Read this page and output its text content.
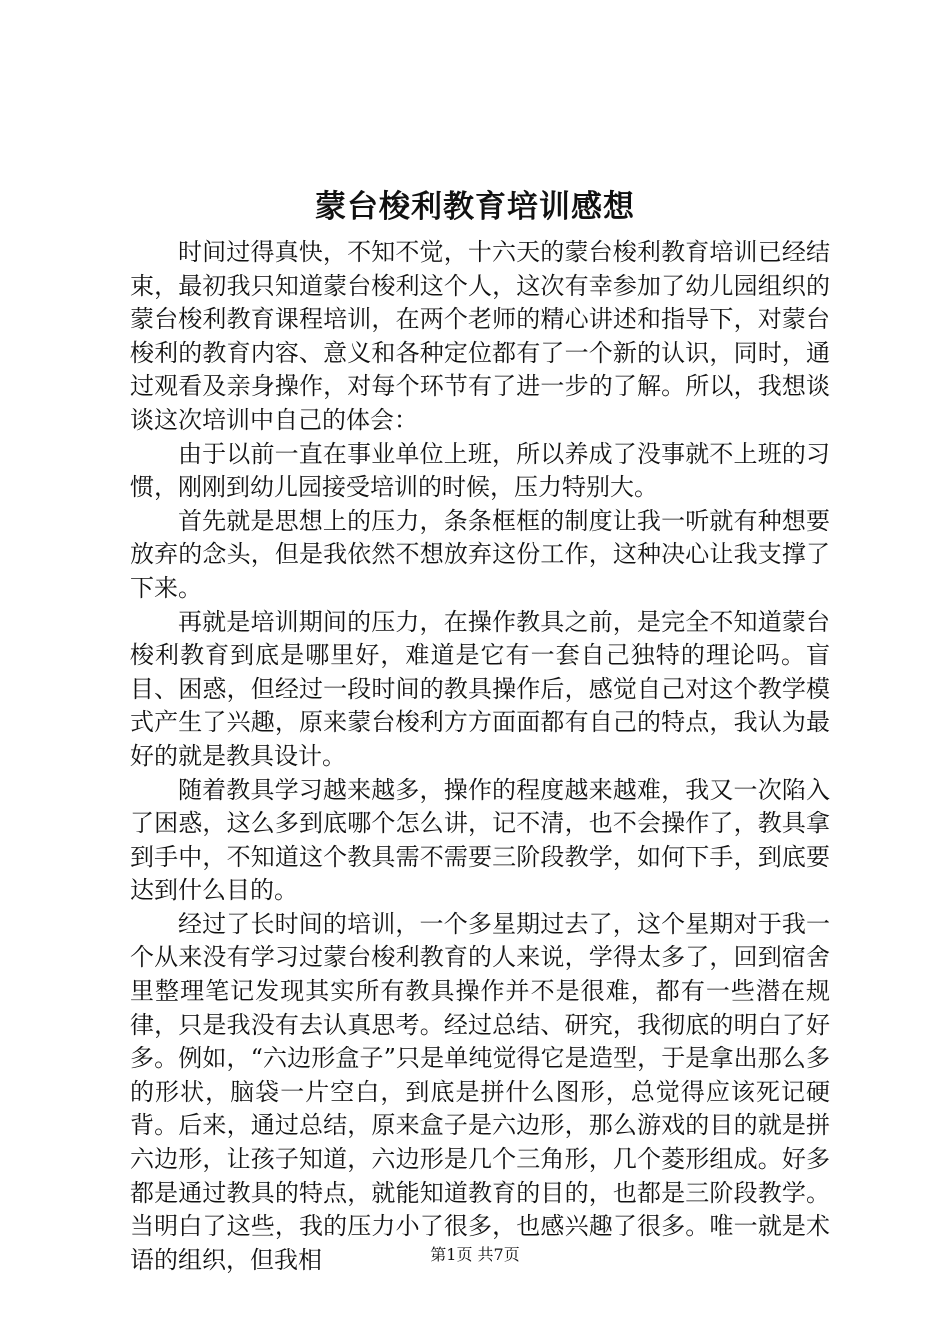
蒙台梭利教育培训感想

时间过得真快，不知不觉，十六天的蒙台梭利教育培训已经结束，最初我只知道蒙台梭利这个人，这次有幸参加了幼儿园组织的蒙台梭利教育课程培训，在两个老师的精心讲述和指导下，对蒙台梭利的教育内容、意义和各种定位都有了一个新的认识，同时，通过观看及亲身操作，对每个环节有了进一步的了解。所以，我想谈谈这次培训中自己的体会：

由于以前一直在事业单位上班，所以养成了没事就不上班的习惯，刚刚到幼儿园接受培训的时候，压力特别大。

首先就是思想上的压力，条条框框的制度让我一听就有种想要放弃的念头，但是我依然不想放弃这份工作，这种决心让我支撑了下来。

再就是培训期间的压力，在操作教具之前，是完全不知道蒙台梭利教育到底是哪里好，难道是它有一套自己独特的理论吗。盲目、困惑，但经过一段时间的教具操作后，感觉自己对这个教学模式产生了兴趣，原来蒙台梭利方方面面都有自己的特点，我认为最好的就是教具设计。

随着教具学习越来越多，操作的程度越来越难，我又一次陷入了困惑，这么多到底哪个怎么讲，记不清，也不会操作了，教具拿到手中，不知道这个教具需不需要三阶段教学，如何下手，到底要达到什么目的。

经过了长时间的培训，一个多星期过去了，这个星期对于我一个从来没有学习过蒙台梭利教育的人来说，学得太多了，回到宿舍里整理笔记发现其实所有教具操作并不是很难，都有一些潜在规律，只是我没有去认真思考。经过总结、研究，我彻底的明白了好多。例如，“六边形盒子”只是单纯觉得它是造型，于是拿出那么多的形状，脑袋一片空白，到底是拼什么图形，总觉得应该死记硬背。后来，通过总结，原来盒子是六边形，那么游戏的目的就是拼六边形，让孩子知道，六边形是几个三角形，几个菱形组成。好多都是通过教具的特点，就能知道教育的目的，也都是三阶段教学。当明白了这些，我的压力小了很多，也感兴趣了很多。唯一就是术语的组织，但我相	第1页 共7页
